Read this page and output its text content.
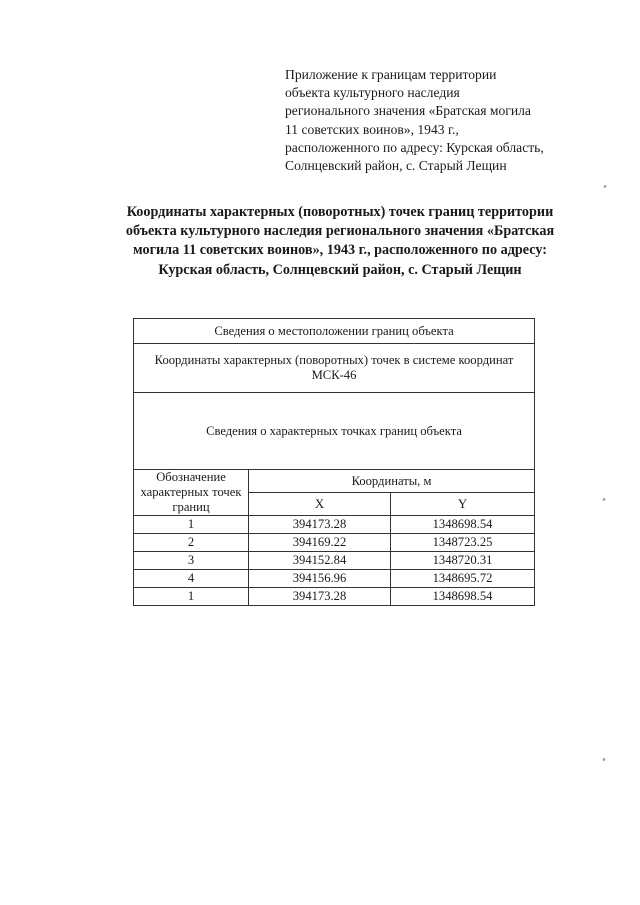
Приложение к границам территории
объекта культурного наследия
регионального значения «Братская могила
11 советских воинов», 1943 г.,
расположенного по адресу: Курская область,
Солнцевский район, с. Старый Лещин
Координаты характерных (поворотных) точек границ территории
объекта культурного наследия регионального значения «Братская
могила 11 советских воинов», 1943 г., расположенного по адресу:
Курская область, Солнцевский район, с. Старый Лещин
Сведения о местоположении границ объекта		

Координаты характерных (поворотных) точек в системе координат МСК-46		

Сведения о характерных точках границ объекта		
Обозначение характерных точек границ	Координаты, м	
	X	Y
1	394173.28	1348698.54
2	394169.22	1348723.25
3	394152.84	1348720.31
4	394156.96	1348695.72
1	394173.28	1348698.54
